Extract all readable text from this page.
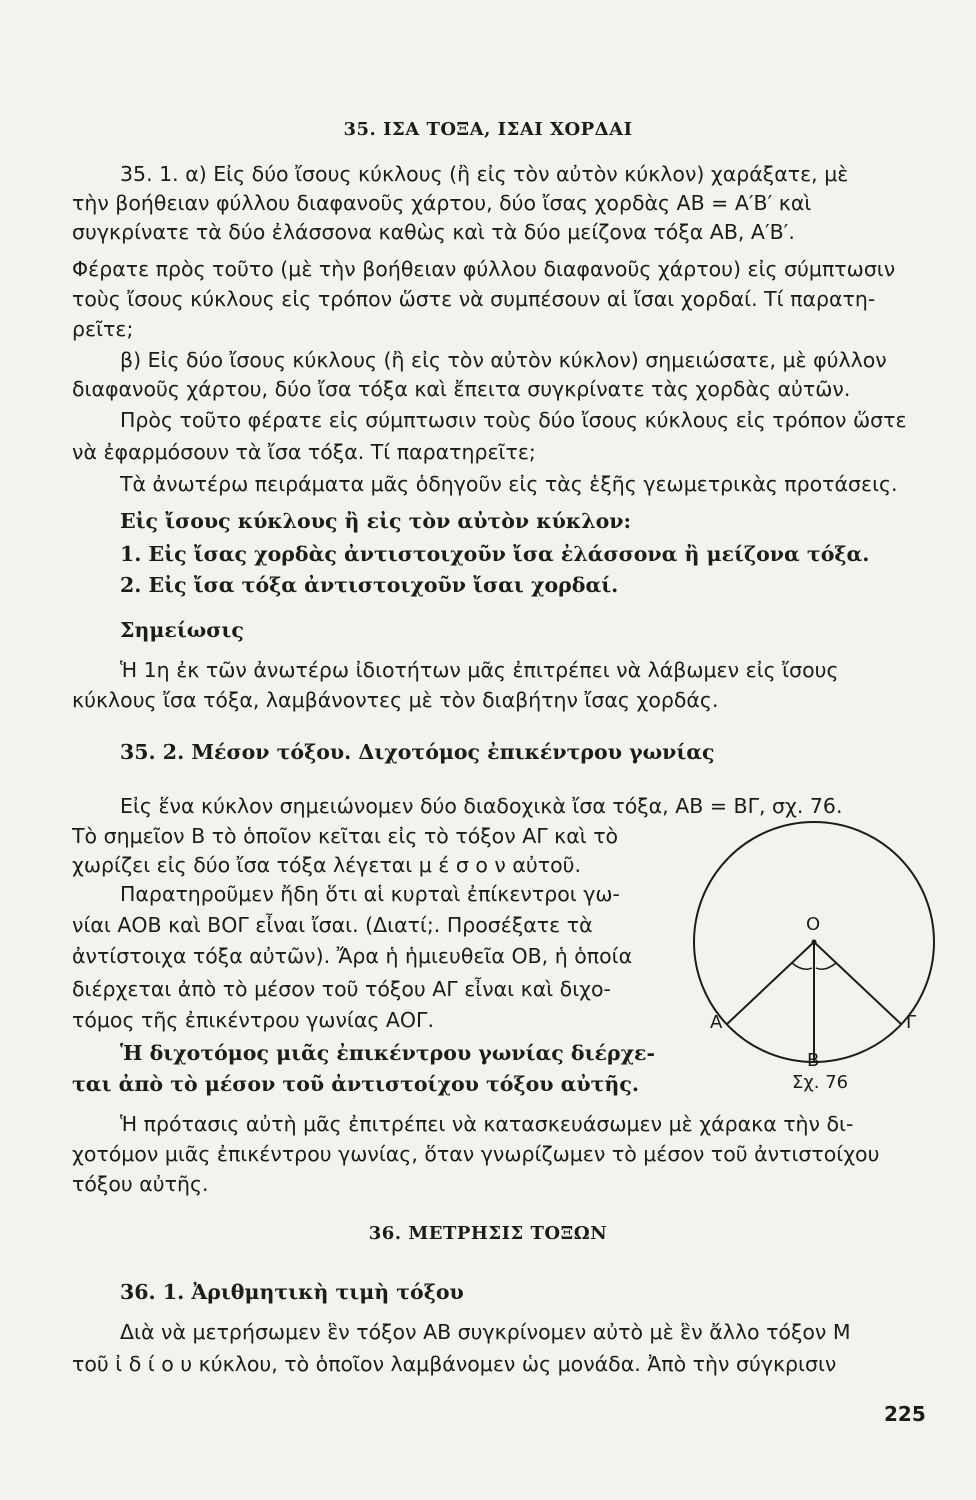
35. ΙΣΑ ΤΟΞΑ, ΙΣΑΙ ΧΟΡΔΑΙ
35. 1. α) Εἰς δύο ἴσους κύκλους (ἢ εἰς τὸν αὐτὸν κύκλον) χαράξατε, μὲ
τὴν βοήθειαν φύλλου διαφανοῦς χάρτου, δύο ἴσας χορδὰς ΑΒ = Α′Β′ καὶ
συγκρίνατε τὰ δύο ἐλάσσονα καθὼς καὶ τὰ δύο μείζονα τόξα ΑΒ, Α′Β′.
Φέρατε πρὸς τοῦτο (μὲ τὴν βοήθειαν φύλλου διαφανοῦς χάρτου) εἰς σύμπτωσιν
τοὺς ἴσους κύκλους εἰς τρόπον ὥστε νὰ συμπέσουν αἱ ἴσαι χορδαί. Τί παρατη-
ρεῖτε;
β) Εἰς δύο ἴσους κύκλους (ἢ εἰς τὸν αὐτὸν κύκλον) σημειώσατε, μὲ φύλλον
διαφανοῦς χάρτου, δύο ἴσα τόξα καὶ ἔπειτα συγκρίνατε τὰς χορδὰς αὐτῶν.
Πρὸς τοῦτο φέρατε εἰς σύμπτωσιν τοὺς δύο ἴσους κύκλους εἰς τρόπον ὥστε
νὰ ἐφαρμόσουν τὰ ἴσα τόξα. Τί παρατηρεῖτε;
Τὰ ἀνωτέρω πειράματα μᾶς ὁδηγοῦν εἰς τὰς ἑξῆς γεωμετρικὰς προτάσεις.
Εἰς ἴσους κύκλους ἢ εἰς τὸν αὐτὸν κύκλον:
1. Εἰς ἴσας χορδὰς ἀντιστοιχοῦν ἴσα ἐλάσσονα ἢ μείζονα τόξα.
2. Εἰς ἴσα τόξα ἀντιστοιχοῦν ἴσαι χορδαί.
Σημείωσις
Ἡ 1η ἐκ τῶν ἀνωτέρω ἰδιοτήτων μᾶς ἐπιτρέπει νὰ λάβωμεν εἰς ἴσους
κύκλους ἴσα τόξα, λαμβάνοντες μὲ τὸν διαβήτην ἴσας χορδάς.
35. 2. Μέσον τόξου. Διχοτόμος ἐπικέντρου γωνίας
Εἰς ἕνα κύκλον σημειώνομεν δύο διαδοχικὰ ἴσα τόξα, ΑΒ = ΒΓ, σχ. 76.
Τὸ σημεῖον Β τὸ ὁποῖον κεῖται εἰς τὸ τόξον ΑΓ καὶ τὸ
χωρίζει εἰς δύο ἴσα τόξα λέγεται μ έ σ ο ν αὐτοῦ.
Παρατηροῦμεν ἤδη ὅτι αἱ κυρταὶ ἐπίκεντροι γω-
νίαι ΑΟΒ καὶ ΒΟΓ εἶναι ἴσαι. (Διατί;. Προσέξατε τὰ
ἀντίστοιχα τόξα αὐτῶν). Ἄρα ἡ ἡμιευθεῖα ΟΒ, ἡ ὁποία
διέρχεται ἀπὸ τὸ μέσον τοῦ τόξου ΑΓ εἶναι καὶ διχο-
τόμος τῆς ἐπικέντρου γωνίας ΑΟΓ.
Ἡ διχοτόμος μιᾶς ἐπικέντρου γωνίας διέρχε-
ται ἀπὸ τὸ μέσον τοῦ ἀντιστοίχου τόξου αὐτῆς.
Ἡ πρότασις αὐτὴ μᾶς ἐπιτρέπει νὰ κατασκευάσωμεν μὲ χάρακα τὴν δι-
χοτόμον μιᾶς ἐπικέντρου γωνίας, ὅταν γνωρίζωμεν τὸ μέσον τοῦ ἀντιστοίχου
τόξου αὐτῆς.
36. ΜΕΤΡΗΣΙΣ ΤΟΞΩΝ
36. 1. Ἀριθμητικὴ τιμὴ τόξου
Διὰ νὰ μετρήσωμεν ἓν τόξον ΑΒ συγκρίνομεν αὐτὸ μὲ ἓν ἄλλο τόξον Μ
τοῦ ἰ δ ί ο υ κύκλου, τὸ ὁποῖον λαμβάνομεν ὡς μονάδα. Ἀπὸ τὴν σύγκρισιν
Ο
Α
Β
Γ
Σχ. 76
225
